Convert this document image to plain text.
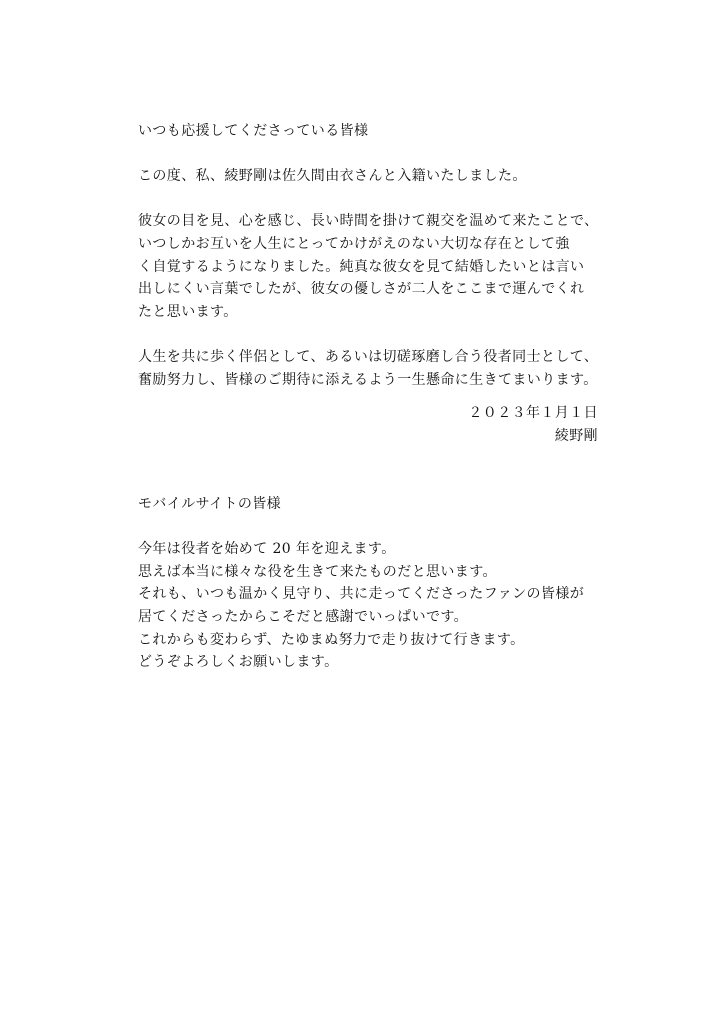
いつも応援してくださっている皆様
この度、私、綾野剛は佐久間由衣さんと入籍いたしました。
彼女の目を見、心を感じ、長い時間を掛けて親交を温めて来たことで、
いつしかお互いを人生にとってかけがえのない大切な存在として強
く自覚するようになりました。純真な彼女を見て結婚したいとは言い
出しにくい言葉でしたが、彼女の優しさが二人をここまで運んでくれ
たと思います。
人生を共に歩く伴侶として、あるいは切磋琢磨し合う役者同士として、
奮励努力し、皆様のご期待に添えるよう一生懸命に生きてまいります。
２０２３年１月１日
綾野剛
モバイルサイトの皆様
今年は役者を始めて 20 年を迎えます。
思えば本当に様々な役を生きて来たものだと思います。
それも、いつも温かく見守り、共に走ってくださったファンの皆様が
居てくださったからこそだと感謝でいっぱいです。
これからも変わらず、たゆまぬ努力で走り抜けて行きます。
どうぞよろしくお願いします。
